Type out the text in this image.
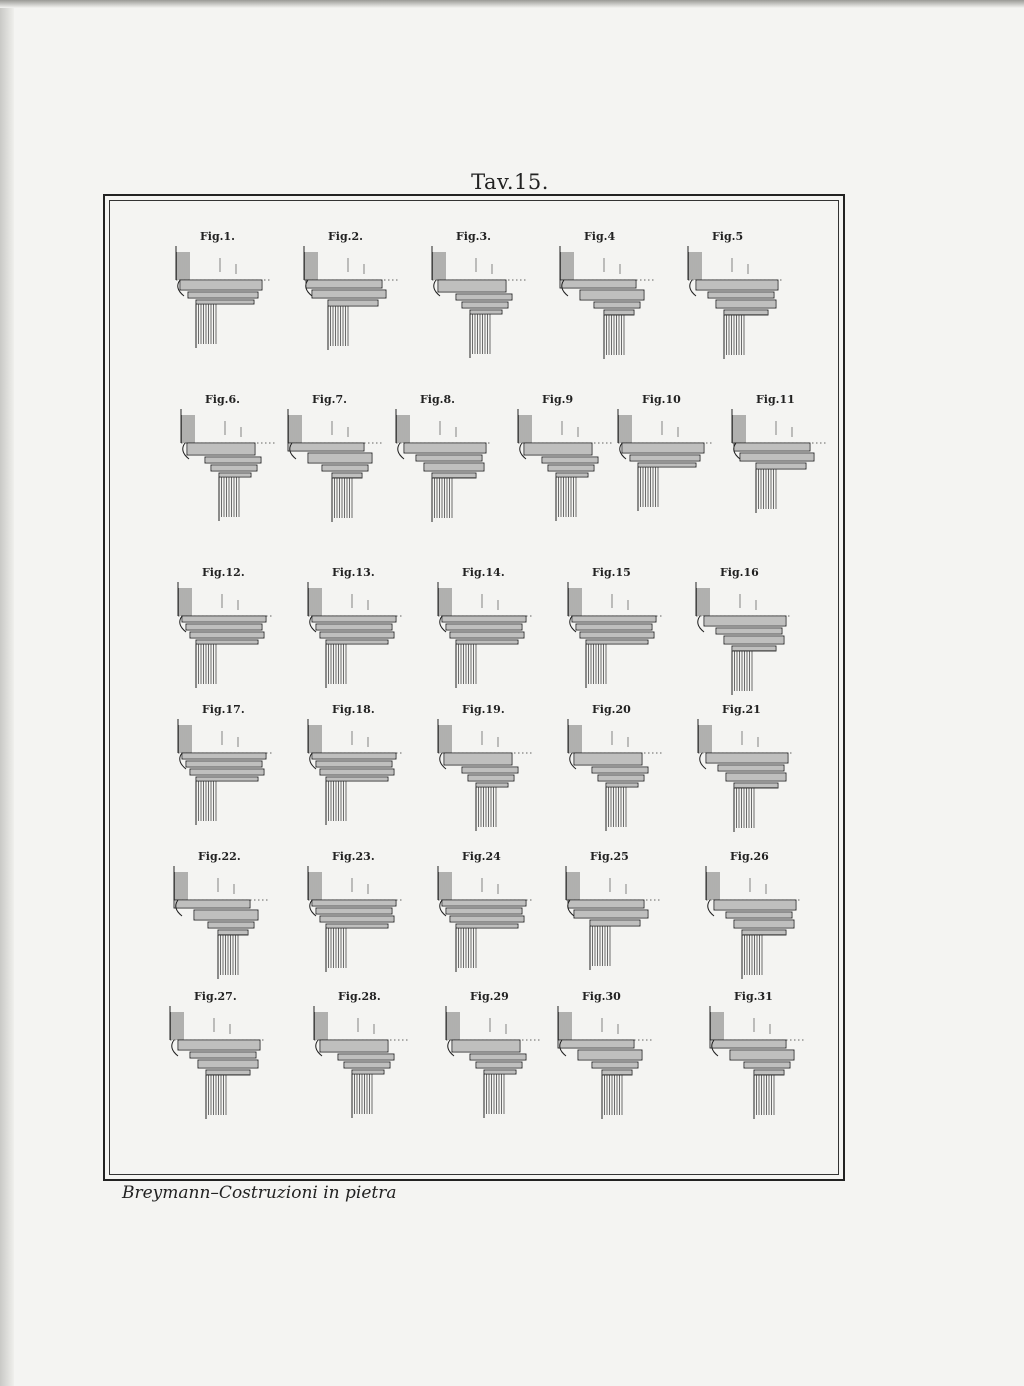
Tav.15.
Fig.1.	Fig.2.	Fig.3.	Fig.4	Fig.5
Fig.6.	Fig.7.	Fig.8.	Fig.9	Fig.10	Fig.11
Fig.12.	Fig.13.	Fig.14.	Fig.15	Fig.16
Fig.17.	Fig.18.	Fig.19.	Fig.20	Fig.21
Fig.22.	Fig.23.	Fig.24	Fig.25	Fig.26
Fig.27.	Fig.28.	Fig.29	Fig.30	Fig.31
Breymann–Costruzioni in pietra
